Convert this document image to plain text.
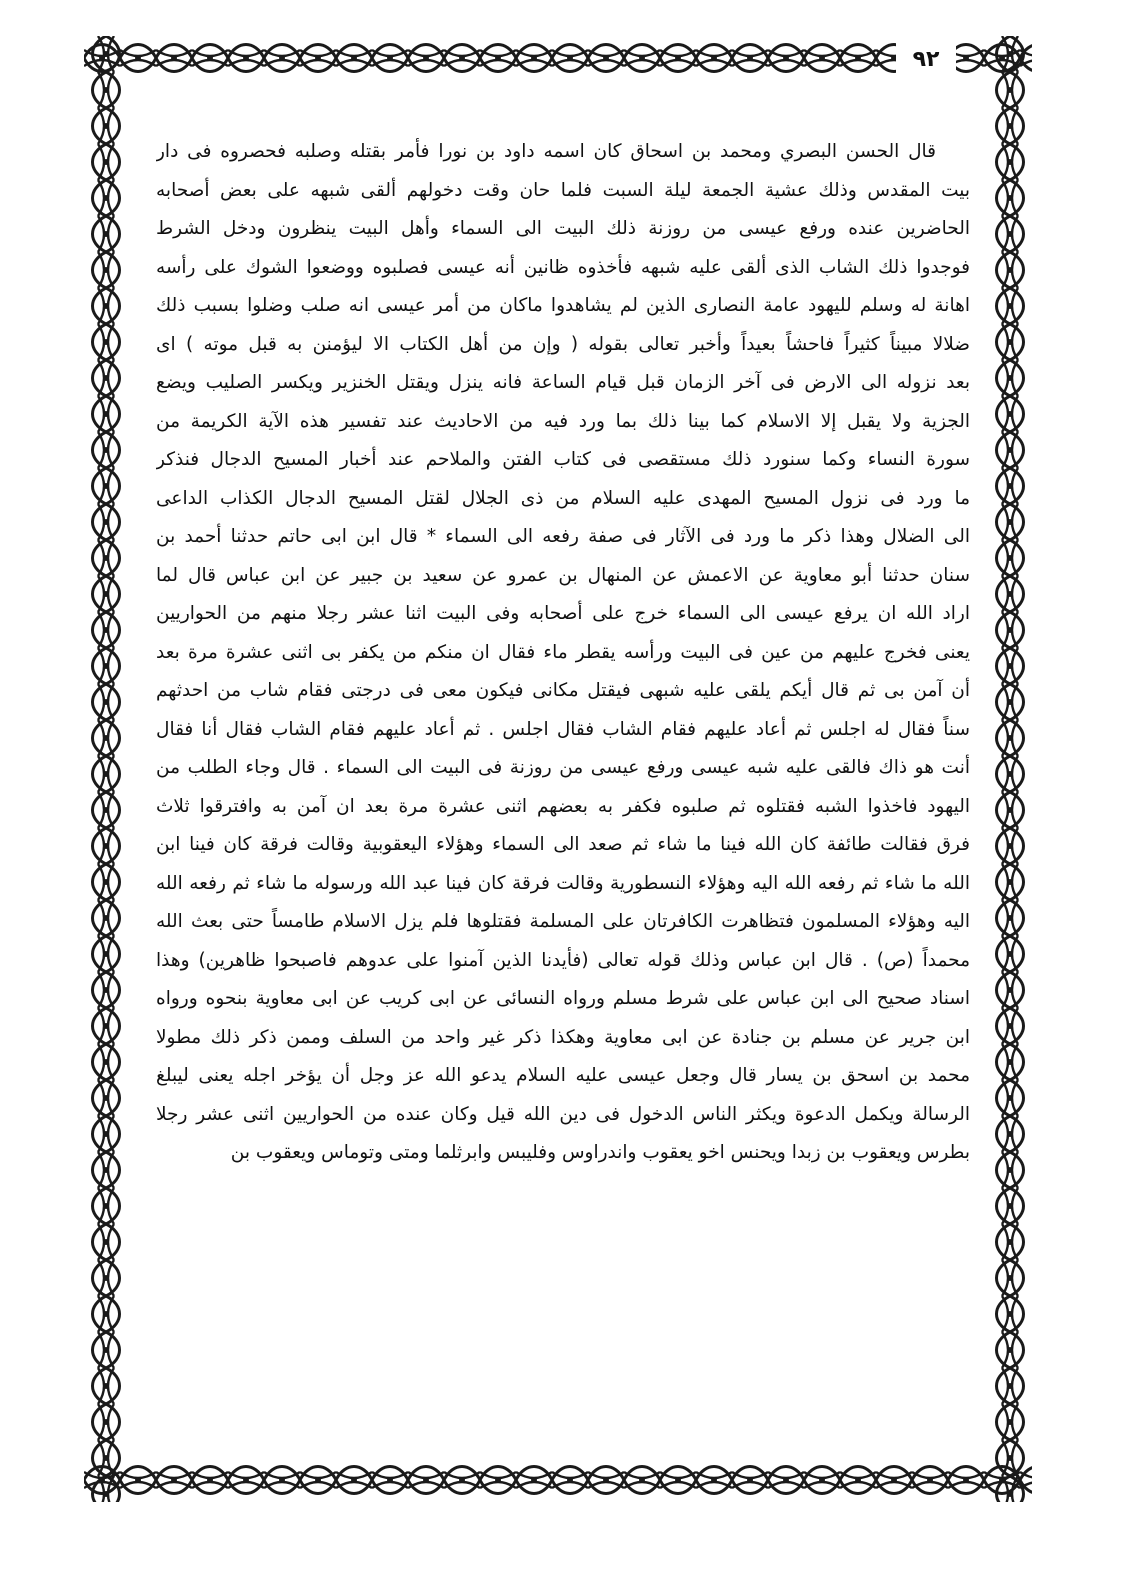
٩٢
قال الحسن البصري ومحمد بن اسحاق كان اسمه داود بن نورا فأمر بقتله وصلبه فحصروه فى دار
بيت المقدس وذلك عشية الجمعة ليلة السبت فلما حان وقت دخولهم ألقى شبهه على بعض أصحابه
الحاضرين عنده ورفع عيسى من روزنة ذلك البيت الى السماء وأهل البيت ينظرون ودخل الشرط
فوجدوا ذلك الشاب الذى ألقى عليه شبهه فأخذوه ظانين أنه عيسى فصلبوه ووضعوا الشوك على رأسه
اهانة له وسلم لليهود عامة النصارى الذين لم يشاهدوا ماكان من أمر عيسى انه صلب وضلوا بسبب ذلك
ضلالا مبيناً كثيراً فاحشاً بعيداً وأخبر تعالى بقوله ( وإن من أهل الكتاب الا ليؤمنن به قبل موته ) اى
بعد نزوله الى الارض فى آخر الزمان قبل قيام الساعة فانه ينزل ويقتل الخنزير ويكسر الصليب ويضع
الجزية ولا يقبل إلا الاسلام كما بينا ذلك بما ورد فيه من الاحاديث عند تفسير هذه الآية الكريمة من
سورة النساء وكما سنورد ذلك مستقصى فى كتاب الفتن والملاحم عند أخبار المسيح الدجال فنذكر
ما ورد فى نزول المسيح المهدى عليه السلام من ذى الجلال لقتل المسيح الدجال الكذاب الداعى
الى الضلال وهذا ذكر ما ورد فى الآثار فى صفة رفعه الى السماء * قال ابن ابى حاتم حدثنا أحمد بن
سنان حدثنا أبو معاوية عن الاعمش عن المنهال بن عمرو عن سعيد بن جبير عن ابن عباس قال لما
اراد الله ان يرفع عيسى الى السماء خرج على أصحابه وفى البيت اثنا عشر رجلا منهم من الحواريين
يعنى فخرج عليهم من عين فى البيت ورأسه يقطر ماء فقال ان منكم من يكفر بى اثنى عشرة مرة بعد
أن آمن بى ثم قال أيكم يلقى عليه شبهى فيقتل مكانى فيكون معى فى درجتى فقام شاب من احدثهم
سناً فقال له اجلس ثم أعاد عليهم فقام الشاب فقال اجلس . ثم أعاد عليهم فقام الشاب فقال أنا فقال
أنت هو ذاك فالقى عليه شبه عيسى ورفع عيسى من روزنة فى البيت الى السماء . قال وجاء الطلب من
اليهود فاخذوا الشبه فقتلوه ثم صلبوه فكفر به بعضهم اثنى عشرة مرة بعد ان آمن به وافترقوا ثلاث
فرق فقالت طائفة كان الله فينا ما شاء ثم صعد الى السماء وهؤلاء اليعقوبية وقالت فرقة كان فينا ابن
الله ما شاء ثم رفعه الله اليه وهؤلاء النسطورية وقالت فرقة كان فينا عبد الله ورسوله ما شاء ثم رفعه الله
اليه وهؤلاء المسلمون فتظاهرت الكافرتان على المسلمة فقتلوها فلم يزل الاسلام طامساً حتى بعث الله
محمداً (ص) . قال ابن عباس وذلك قوله تعالى (فأيدنا الذين آمنوا على عدوهم فاصبحوا ظاهرين) وهذا
اسناد صحيح الى ابن عباس على شرط مسلم ورواه النسائى عن ابى كريب عن ابى معاوية بنحوه ورواه
ابن جرير عن مسلم بن جنادة عن ابى معاوية وهكذا ذكر غير واحد من السلف وممن ذكر ذلك مطولا
محمد بن اسحق بن يسار قال وجعل عيسى عليه السلام يدعو الله عز وجل أن يؤخر اجله يعنى ليبلغ
الرسالة ويكمل الدعوة ويكثر الناس الدخول فى دين الله قيل وكان عنده من الحواريين اثنى عشر رجلا
بطرس ويعقوب بن زبدا ويحنس اخو يعقوب واندراوس وفليبس وابرثلما ومتى وتوماس ويعقوب بن
